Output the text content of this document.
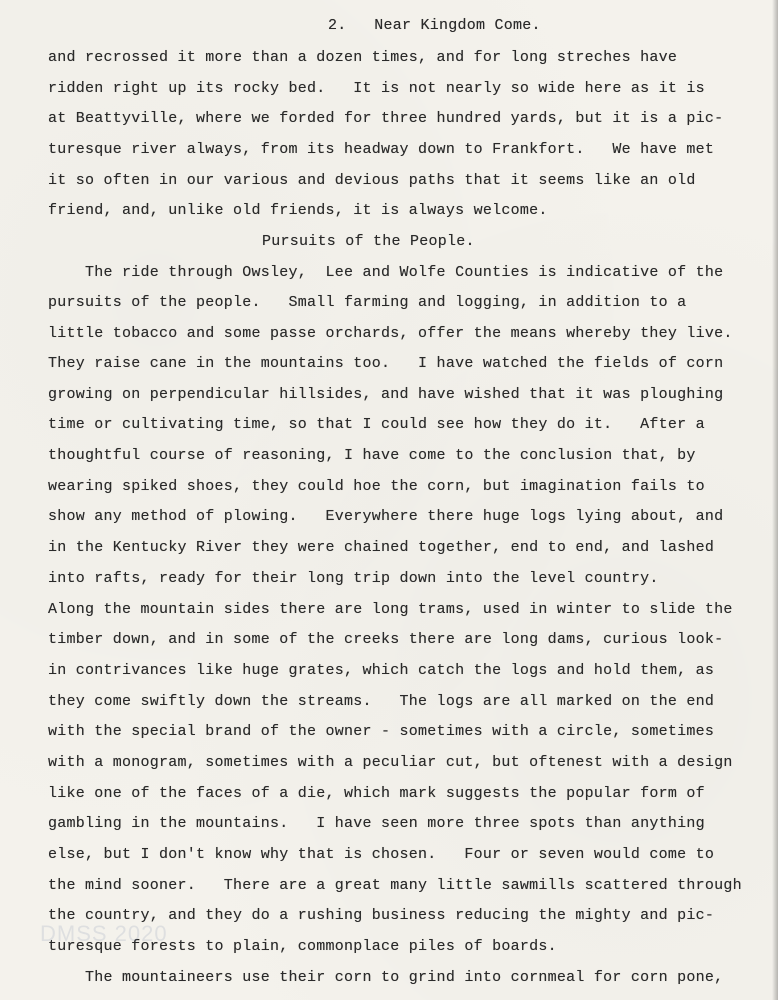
2.   Near Kingdom Come.
and recrossed it more than a dozen times, and for long streches have
ridden right up its rocky bed.   It is not nearly so wide here as it is
at Beattyville, where we forded for three hundred yards, but it is a pic-
turesque river always, from its headway down to Frankfort.   We have met
it so often in our various and devious paths that it seems like an old
friend, and, unlike old friends, it is always welcome.
Pursuits of the People.
The ride through Owsley,  Lee and Wolfe Counties is indicative of the
pursuits of the people.   Small farming and logging, in addition to a
little tobacco and some passe orchards, offer the means whereby they live.
They raise cane in the mountains too.   I have watched the fields of corn
growing on perpendicular hillsides, and have wished that it was ploughing
time or cultivating time, so that I could see how they do it.   After a
thoughtful course of reasoning, I have come to the conclusion that, by
wearing spiked shoes, they could hoe the corn, but imagination fails to
show any method of plowing.   Everywhere there huge logs lying about, and
in the Kentucky River they were chained together, end to end, and lashed
into rafts, ready for their long trip down into the level country.
Along the mountain sides there are long trams, used in winter to slide the
timber down, and in some of the creeks there are long dams, curious look-
in contrivances like huge grates, which catch the logs and hold them, as
they come swiftly down the streams.   The logs are all marked on the end
with the special brand of the owner - sometimes with a circle, sometimes
with a monogram, sometimes with a peculiar cut, but oftenest with a design
like one of the faces of a die, which mark suggests the popular form of
gambling in the mountains.   I have seen more three spots than anything
else, but I don't know why that is chosen.   Four or seven would come to
the mind sooner.   There are a great many little sawmills scattered through
the country, and they do a rushing business reducing the mighty and pic-
turesque forests to plain, commonplace piles of boards.
The mountaineers use their corn to grind into cornmeal for corn pone,
DMSS 2020
